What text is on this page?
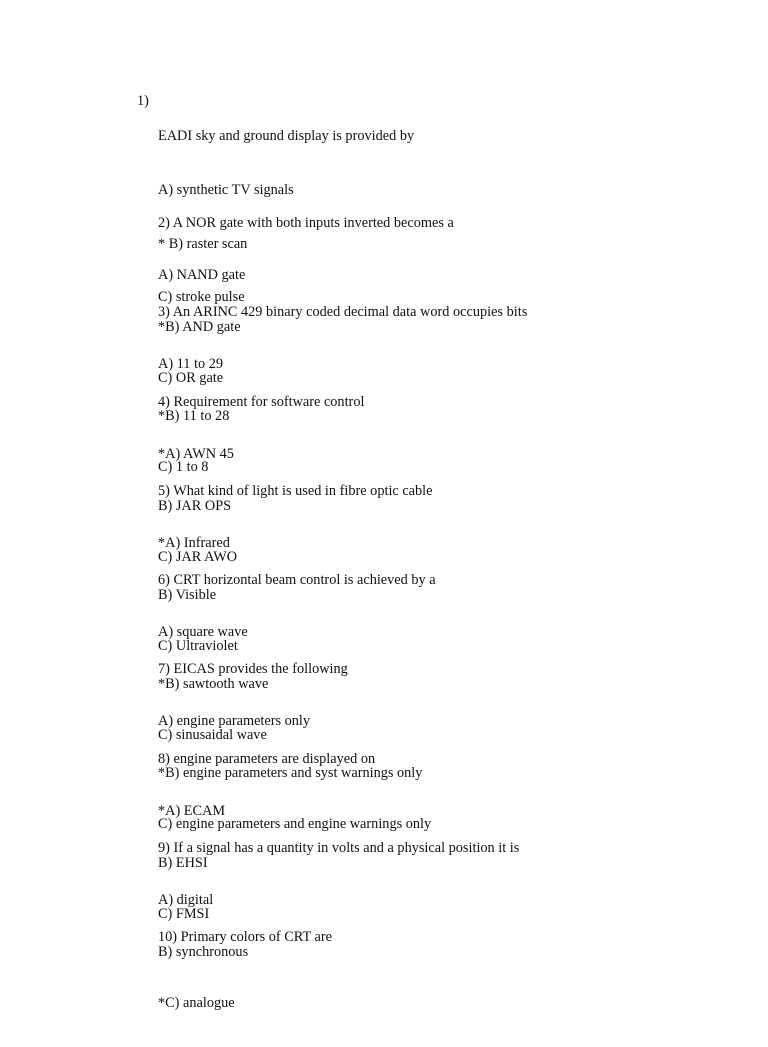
1)

EADI sky and ground display is provided by

A) synthetic TV signals

* B) raster scan

C) stroke pulse

2) A NOR gate with both inputs inverted becomes a

A) NAND gate

*B) AND gate

C) OR gate

3) An ARINC 429 binary coded decimal data word occupies bits

A) 11 to 29

*B) 11 to 28

C) 1 to 8

4) Requirement for software control

*A) AWN 45

B) JAR OPS

C) JAR AWO

5) What kind of light is used in fibre optic cable

*A) Infrared

B) Visible

C) Ultraviolet

6) CRT horizontal beam control is achieved by a

A) square wave

*B) sawtooth wave

C) sinusaidal wave

7) EICAS provides the following

A) engine parameters only

*B) engine parameters and syst warnings only

C) engine parameters and engine warnings only

8) engine parameters are displayed on

*A) ECAM

B) EHSI

C) FMSI

9) If a signal has a quantity in volts and a physical position it is

A) digital

B) synchronous

*C) analogue

10) Primary colors of CRT are
